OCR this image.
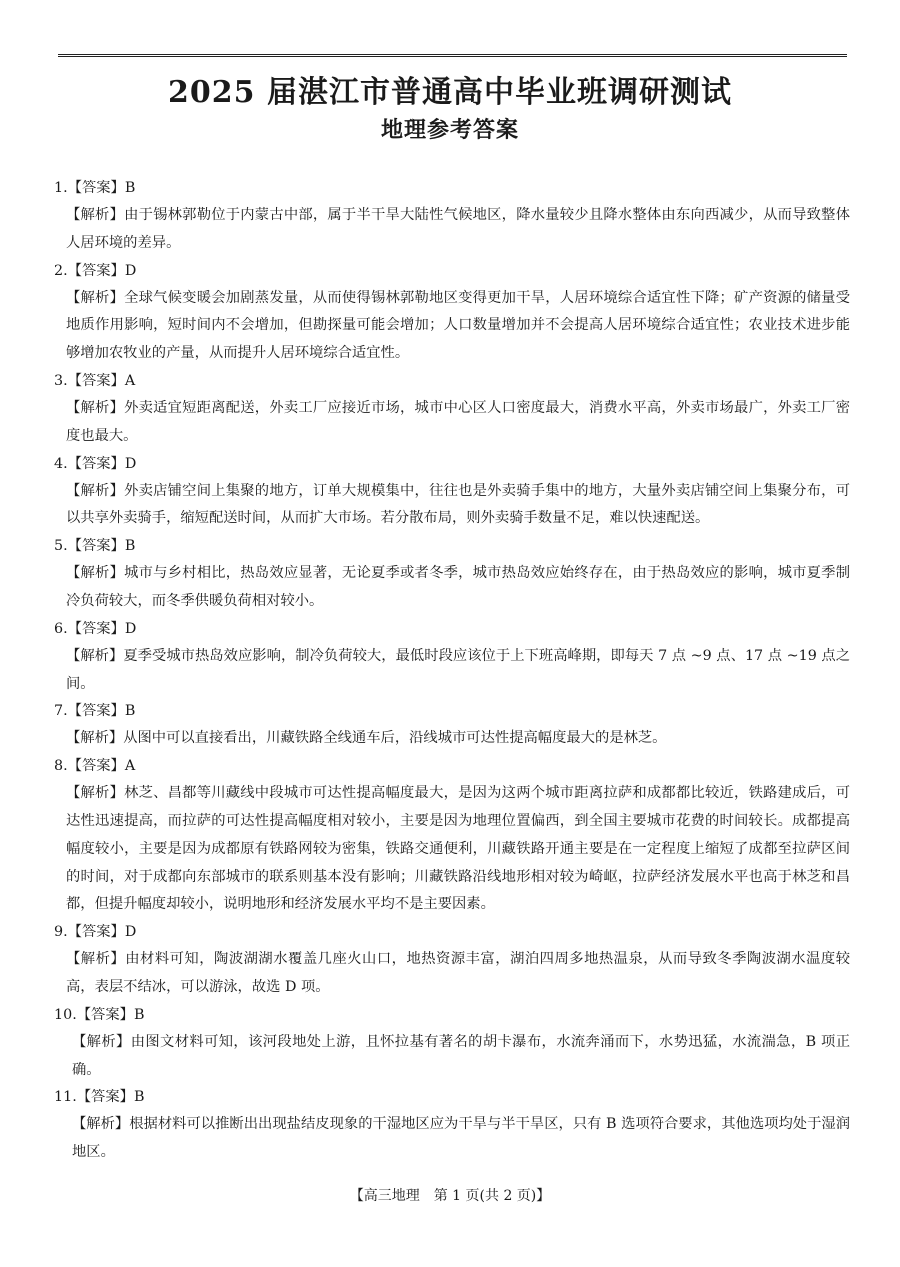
2025 届湛江市普通高中毕业班调研测试
地理参考答案
1.【答案】B
【解析】由于锡林郭勒位于内蒙古中部，属于半干旱大陆性气候地区，降水量较少且降水整体由东向西减少，从而导致整体人居环境的差异。
2.【答案】D
【解析】全球气候变暖会加剧蒸发量，从而使得锡林郭勒地区变得更加干旱，人居环境综合适宜性下降；矿产资源的储量受地质作用影响，短时间内不会增加，但勘探量可能会增加；人口数量增加并不会提高人居环境综合适宜性；农业技术进步能够增加农牧业的产量，从而提升人居环境综合适宜性。
3.【答案】A
【解析】外卖适宜短距离配送，外卖工厂应接近市场，城市中心区人口密度最大，消费水平高，外卖市场最广，外卖工厂密度也最大。
4.【答案】D
【解析】外卖店铺空间上集聚的地方，订单大规模集中，往往也是外卖骑手集中的地方，大量外卖店铺空间上集聚分布，可以共享外卖骑手，缩短配送时间，从而扩大市场。若分散布局，则外卖骑手数量不足，难以快速配送。
5.【答案】B
【解析】城市与乡村相比，热岛效应显著，无论夏季或者冬季，城市热岛效应始终存在，由于热岛效应的影响，城市夏季制冷负荷较大，而冬季供暖负荷相对较小。
6.【答案】D
【解析】夏季受城市热岛效应影响，制冷负荷较大，最低时段应该位于上下班高峰期，即每天 7 点 ~9 点、17 点 ~19 点之间。
7.【答案】B
【解析】从图中可以直接看出，川藏铁路全线通车后，沿线城市可达性提高幅度最大的是林芝。
8.【答案】A
【解析】林芝、昌都等川藏线中段城市可达性提高幅度最大，是因为这两个城市距离拉萨和成都都比较近，铁路建成后，可达性迅速提高，而拉萨的可达性提高幅度相对较小，主要是因为地理位置偏西，到全国主要城市花费的时间较长。成都提高幅度较小，主要是因为成都原有铁路网较为密集，铁路交通便利，川藏铁路开通主要是在一定程度上缩短了成都至拉萨区间的时间，对于成都向东部城市的联系则基本没有影响；川藏铁路沿线地形相对较为崎岖，拉萨经济发展水平也高于林芝和昌都，但提升幅度却较小，说明地形和经济发展水平均不是主要因素。
9.【答案】D
【解析】由材料可知，陶波湖湖水覆盖几座火山口，地热资源丰富，湖泊四周多地热温泉，从而导致冬季陶波湖水温度较高，表层不结冰，可以游泳，故选 D 项。
10.【答案】B
【解析】由图文材料可知，该河段地处上游，且怀拉基有著名的胡卡瀑布，水流奔涌而下，水势迅猛，水流湍急，B 项正确。
11.【答案】B
【解析】根据材料可以推断出出现盐结皮现象的干湿地区应为干旱与半干旱区，只有 B 选项符合要求，其他选项均处于湿润地区。
【高三地理　第 1 页(共 2 页)】
